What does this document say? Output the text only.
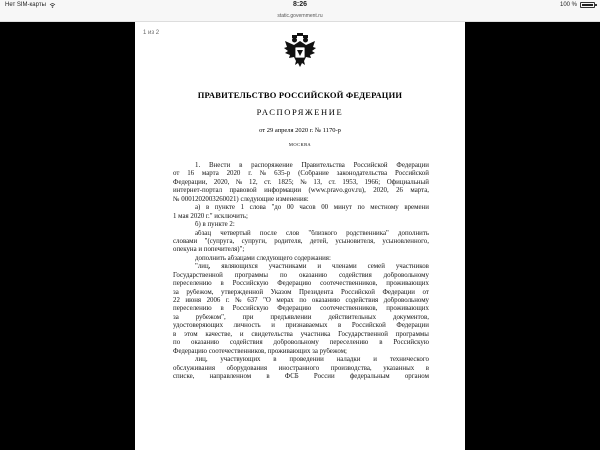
Нет SIM-карты	8:26	100 %
static.government.ru
1 из 2
ПРАВИТЕЛЬСТВО РОССИЙСКОЙ ФЕДЕРАЦИИ
РАСПОРЯЖЕНИЕ
от 29 апреля 2020 г. № 1170-р
МОСКВА
1. Внести в распоряжение Правительства Российской Федерации
от 16 марта 2020 г. № 635-р (Собрание законодательства Российской
Федерации, 2020, № 12, ст. 1825; № 13, ст. 1953, 1966; Официальный
интернет-портал правовой информации (www.pravo.gov.ru), 2020, 26 марта,
№ 0001202003260021) следующие изменения:
а) в пункте 1 слова "до 00 часов 00 минут по местному времени
1 мая 2020 г." исключить;
б) в пункте 2:
абзац четвертый после слов "близкого родственника" дополнить
словами "(супруга, супруги, родителя, детей, усыновителя, усыновленного,
опекуна и попечителя)";
дополнить абзацами следующего содержания:
"лиц, являющихся участниками и членами семей участников
Государственной программы по оказанию содействия добровольному
переселению в Российскую Федерацию соотечественников, проживающих
за рубежом, утвержденной Указом Президента Российской Федерации от
22 июня 2006 г. № 637 "О мерах по оказанию содействия добровольному
переселению в Российскую Федерацию соотечественников, проживающих
за рубежом", при предъявлении действительных документов,
удостоверяющих личность и признаваемых в Российской Федерации
в этом качестве, и свидетельства участника Государственной программы
по оказанию содействия добровольному переселению в Российскую
Федерацию соотечественников, проживающих за рубежом;
лиц, участвующих в проведении наладки и технического
обслуживания оборудования иностранного производства, указанных в
списке, направленном в ФСБ России федеральным органом
